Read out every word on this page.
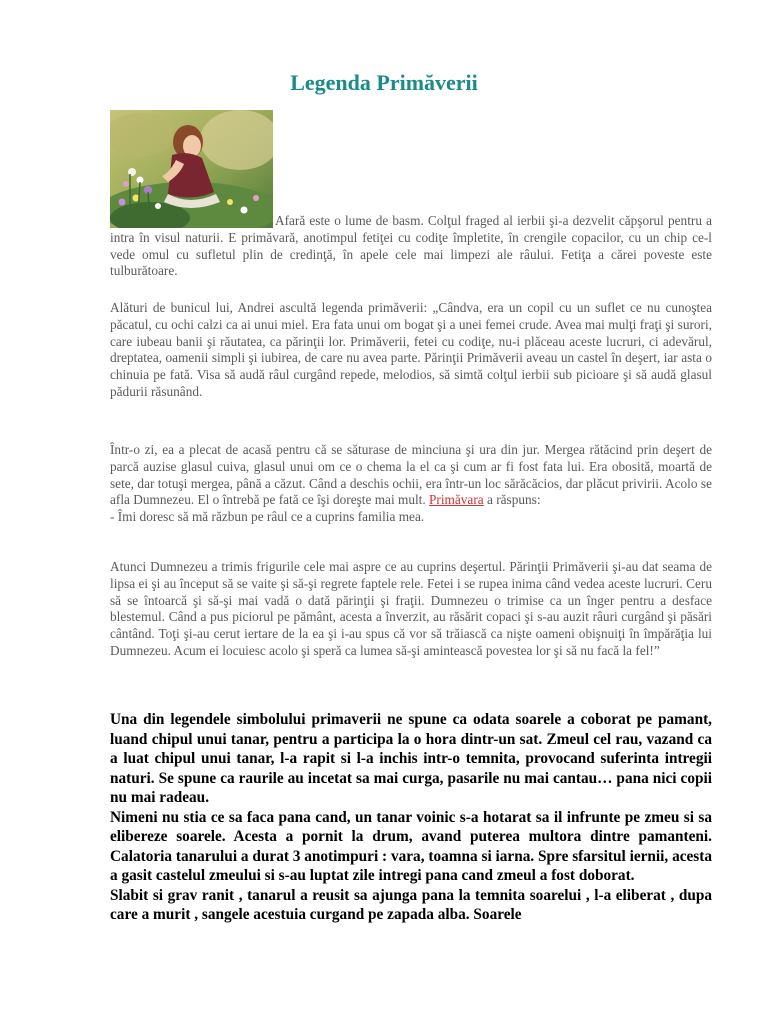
Legenda Primăverii

Afară este o lume de basm. Colţul fraged al ierbii şi-a dezvelit căpşorul pentru a intra în visul naturii. E primăvară, anotimpul fetiţei cu codiţe împletite, în crengile copacilor, cu un chip ce-l vede omul cu sufletul plin de credinţă, în apele cele mai limpezi ale râului. Fetiţa a cărei poveste este tulburătoare.

Alături de bunicul lui, Andrei ascultă legenda primăverii: „Cândva, era un copil cu un suflet ce nu cunoştea păcatul, cu ochi calzi ca ai unui miel. Era fata unui om bogat şi a unei femei crude. Avea mai mulţi fraţi şi surori, care iubeau banii şi răutatea, ca părinţii lor. Primăverii, fetei cu codiţe, nu-i plăceau aceste lucruri, ci adevărul, dreptatea, oamenii simpli şi iubirea, de care nu avea parte. Părinţii Primăverii aveau un castel în deşert, iar asta o chinuia pe fată. Visa să audă râul curgând repede, melodios, să simtă colţul ierbii sub picioare şi să audă glasul pădurii răsunând.

Într-o zi, ea a plecat de acasă pentru că se săturase de minciuna şi ura din jur. Mergea rătăcind prin deşert de parcă auzise glasul cuiva, glasul unui om ce o chema la el ca şi cum ar fi fost fata lui. Era obosită, moartă de sete, dar totuşi mergea, până a căzut. Când a deschis ochii, era într-un loc sărăcăcios, dar plăcut privirii. Acolo se afla Dumnezeu. El o întrebă pe fată ce îşi doreşte mai mult. Primăvara a răspuns:
- Îmi doresc să mă răzbun pe râul ce a cuprins familia mea.

Atunci Dumnezeu a trimis frigurile cele mai aspre ce au cuprins deşertul. Părinţii Primăverii şi-au dat seama de lipsa ei şi au început să se vaite şi să-şi regrete faptele rele. Fetei i se rupea inima când vedea aceste lucruri. Ceru să se întoarcă şi să-şi mai vadă o dată părinţii şi fraţii. Dumnezeu o trimise ca un înger pentru a desface blestemul. Când a pus piciorul pe pământ, acesta a înverzit, au răsărit copaci şi s-au auzit râuri curgând şi păsări cântând. Toţi şi-au cerut iertare de la ea şi i-au spus că vor să trăiască ca nişte oameni obişnuiţi în împărăţia lui Dumnezeu. Acum ei locuiesc acolo şi speră ca lumea să-şi amintească povestea lor şi să nu facă la fel!”

Una din legendele simbolului primaverii ne spune ca odata soarele a coborat pe pamant, luand chipul unui tanar, pentru a participa la o hora dintr-un sat. Zmeul cel rau, vazand ca a luat chipul unui tanar, l-a rapit si l-a inchis intr-o temnita, provocand suferinta intregii naturi. Se spune ca raurile au incetat sa mai curga, pasarile nu mai cantau… pana nici copii nu mai radeau.

Nimeni nu stia ce sa faca pana cand, un tanar voinic s-a hotarat sa il infrunte pe zmeu si sa elibereze soarele. Acesta a pornit la drum, avand puterea multora dintre pamanteni. Calatoria tanarului a durat 3 anotimpuri : vara, toamna si iarna. Spre sfarsitul iernii, acesta a gasit castelul zmeului si s-au luptat zile intregi pana cand zmeul a fost doborat.

Slabit si grav ranit , tanarul a reusit sa ajunga pana la temnita soarelui , l-a eliberat , dupa care a murit , sangele acestuia curgand pe zapada alba. Soarele
